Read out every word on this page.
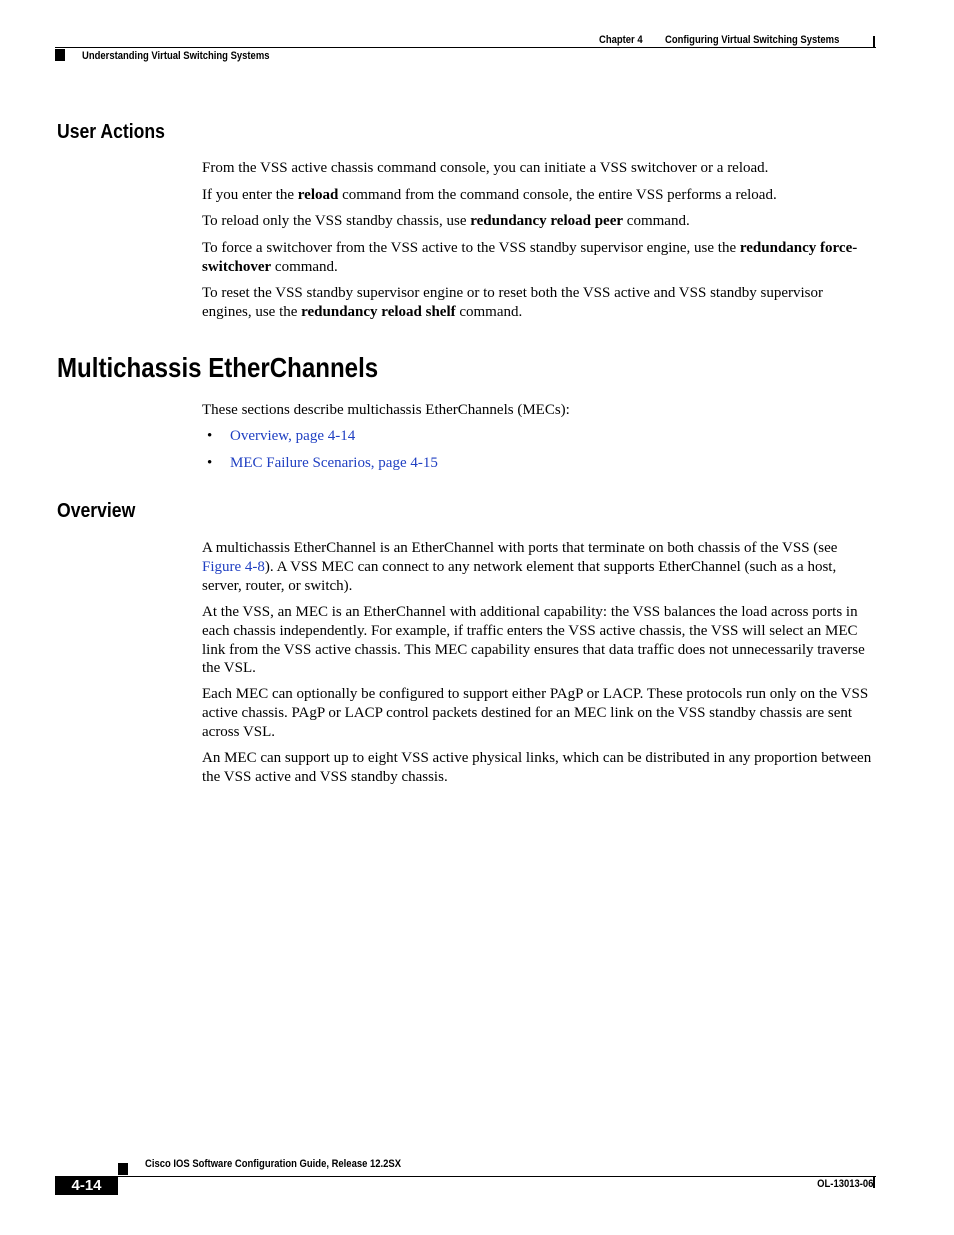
Chapter 4 Configuring Virtual Switching Systems
Understanding Virtual Switching Systems
User Actions

From the VSS active chassis command console, you can initiate a VSS switchover or a reload.

If you enter the reload command from the command console, the entire VSS performs a reload.

To reload only the VSS standby chassis, use redundancy reload peer command.

To force a switchover from the VSS active to the VSS standby supervisor engine, use the redundancy force-switchover command.

To reset the VSS standby supervisor engine or to reset both the VSS active and VSS standby supervisor engines, use the redundancy reload shelf command.

Multichassis EtherChannels

These sections describe multichassis EtherChannels (MECs):

• Overview, page 4-14
• MEC Failure Scenarios, page 4-15
Overview

A multichassis EtherChannel is an EtherChannel with ports that terminate on both chassis of the VSS (see Figure 4-8). A VSS MEC can connect to any network element that supports EtherChannel (such as a host, server, router, or switch).

At the VSS, an MEC is an EtherChannel with additional capability: the VSS balances the load across ports in each chassis independently. For example, if traffic enters the VSS active chassis, the VSS will select an MEC link from the VSS active chassis. This MEC capability ensures that data traffic does not unnecessarily traverse the VSL.

Each MEC can optionally be configured to support either PAgP or LACP. These protocols run only on the VSS active chassis. PAgP or LACP control packets destined for an MEC link on the VSS standby chassis are sent across VSL.

An MEC can support up to eight VSS active physical links, which can be distributed in any proportion between the VSS active and VSS standby chassis.

Cisco IOS Software Configuration Guide, Release 12.2SX
4-14	OL-13013-06
